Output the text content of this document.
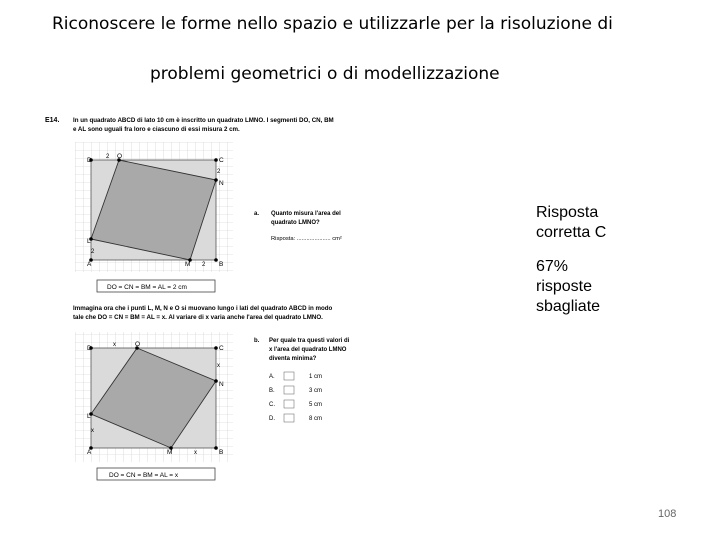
Riconoscere le forme nello spazio e utilizzarle per la risoluzione di
problemi geometrici o di modellizzazione
E14. In un quadrato ABCD di lato 10 cm è inscritto un quadrato LMNO. I segmenti DO, CN, BM
e AL sono uguali fra loro e ciascuno di essi misura 2 cm.
D	C
B
A
O
N
M
L
2
2
2
2
DO = CN = BM = AL = 2 cm
a. Quanto misura l'area del
quadrato LMNO?
Risposta: ..................... cm²
Immagina ora che i punti L, M, N e O si muovano lungo i lati del quadrato ABCD in modo
tale che DO = CN = BM = AL = x. Al variare di x varia anche l'area del quadrato LMNO.
D	C
B
A
O
N
M
L
x
x
x
x
DO = CN = BM = AL = x
b. Per quale tra questi valori di
x l'area del quadrato LMNO
diventa minima?
A.	1 cm
B.	3 cm
C.	5 cm
D.	8 cm
Risposta
corretta C
67%
risposte
sbagliate
108
